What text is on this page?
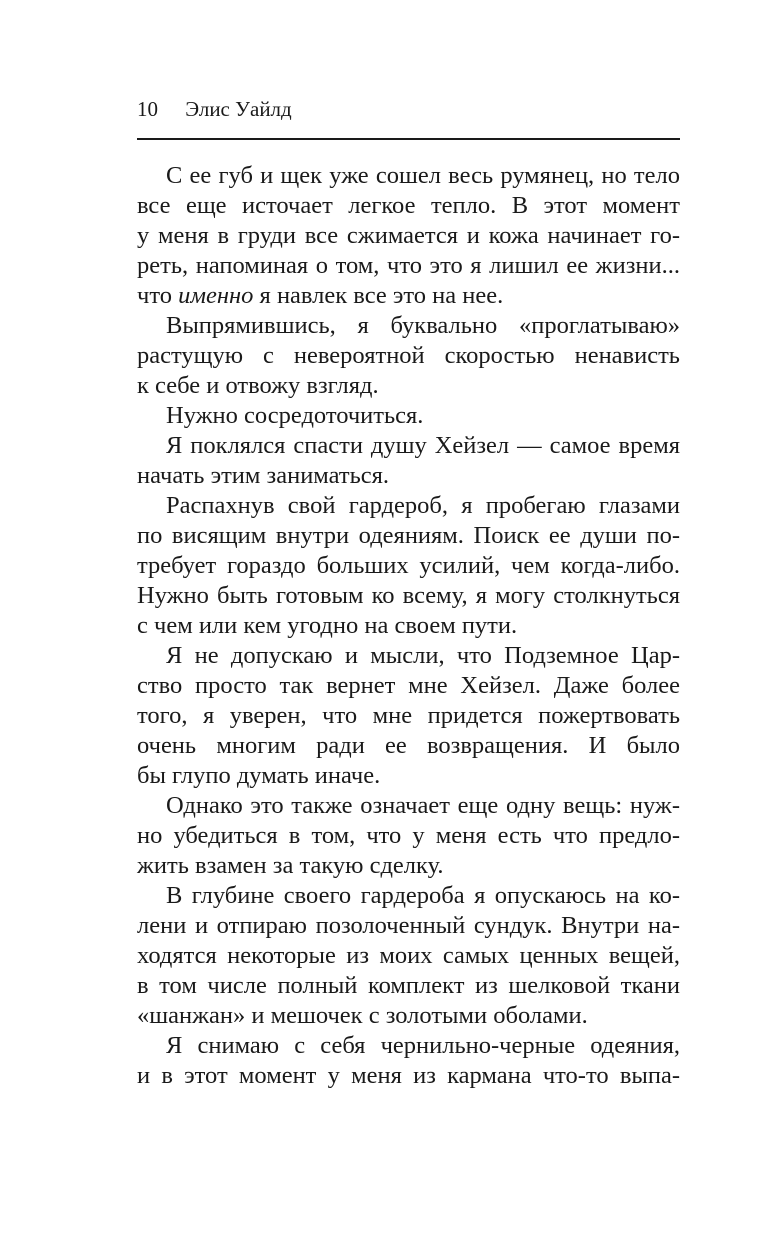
10 Элис Уайлд
С ее губ и щек уже сошел весь румянец, но тело
все еще источает легкое тепло. В этот момент
у меня в груди все сжимается и кожа начинает го-
реть, напоминая о том, что это я лишил ее жизни...
что именно я навлек все это на нее.
Выпрямившись, я буквально «проглатываю»
растущую с невероятной скоростью ненависть
к себе и отвожу взгляд.
Нужно сосредоточиться.
Я поклялся спасти душу Хейзел — самое время
начать этим заниматься.
Распахнув свой гардероб, я пробегаю глазами
по висящим внутри одеяниям. Поиск ее души по-
требует гораздо больших усилий, чем когда-либо.
Нужно быть готовым ко всему, я могу столкнуться
с чем или кем угодно на своем пути.
Я не допускаю и мысли, что Подземное Цар-
ство просто так вернет мне Хейзел. Даже более
того, я уверен, что мне придется пожертвовать
очень многим ради ее возвращения. И было
бы глупо думать иначе.
Однако это также означает еще одну вещь: нуж-
но убедиться в том, что у меня есть что предло-
жить взамен за такую сделку.
В глубине своего гардероба я опускаюсь на ко-
лени и отпираю позолоченный сундук. Внутри на-
ходятся некоторые из моих самых ценных вещей,
в том числе полный комплект из шелковой ткани
«шанжан» и мешочек с золотыми оболами.
Я снимаю с себя чернильно-черные одеяния,
и в этот момент у меня из кармана что-то выпа-
